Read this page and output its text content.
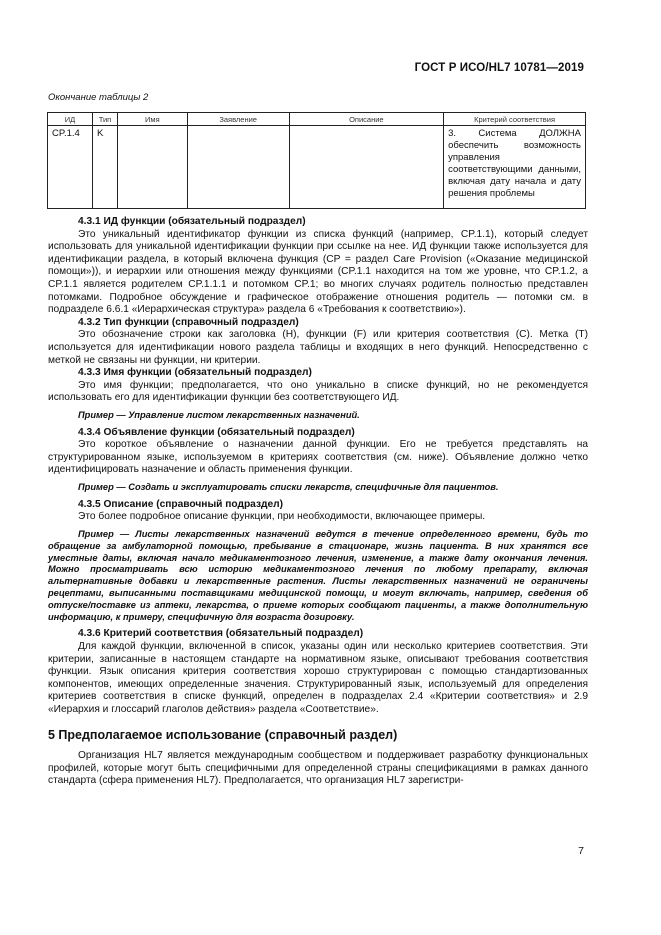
ГОСТ Р ИСО/HL7 10781—2019
Окончание таблицы 2
ИД	Тип	Имя	Заявление	Описание	Критерий соответствия
CP.1.4	K				3. Система ДОЛЖНА обеспечить возможность управления соответствующими данными, включая дату начала и дату решения проблемы

4.3.1 ИД функции (обязательный подраздел)

Это уникальный идентификатор функции из списка функций (например, CP.1.1), который следует использовать для уникальной идентификации функции при ссылке на нее. ИД функции также используется для идентификации раздела, в который включена функция (CP = раздел Care Provision («Оказание медицинской помощи»)), и иерархии или отношения между функциями (CP.1.1 находится на том же уровне, что CP.1.2, а CP.1.1 является родителем CP.1.1.1 и потомком CP.1; во многих случаях родитель полностью представлен потомками. Подробное обсуждение и графическое отображение отношения родитель — потомки см. в подразделе 6.6.1 «Иерархическая структура» раздела 6 «Требования к соответствию»).

4.3.2 Тип функции (справочный подраздел)

Это обозначение строки как заголовка (H), функции (F) или критерия соответствия (C). Метка (T) используется для идентификации нового раздела таблицы и входящих в него функций. Непосредственно с меткой не связаны ни функции, ни критерии.

4.3.3 Имя функции (обязательный подраздел)

Это имя функции; предполагается, что оно уникально в списке функций, но не рекомендуется использовать его для идентификации функции без соответствующего ИД.

Пример — Управление листом лекарственных назначений.

4.3.4 Объявление функции (обязательный подраздел)

Это короткое объявление о назначении данной функции. Его не требуется представлять на структурированном языке, используемом в критериях соответствия (см. ниже). Объявление должно четко идентифицировать назначение и область применения функции.

Пример — Создать и эксплуатировать списки лекарств, специфичные для пациентов.

4.3.5 Описание (справочный подраздел)

Это более подробное описание функции, при необходимости, включающее примеры.

Пример — Листы лекарственных назначений ведутся в течение определенного времени, будь то обращение за амбулаторной помощью, пребывание в стационаре, жизнь пациента. В них хранятся все уместные даты, включая начало медикаментозного лечения, изменение, а также дату окончания лечения. Можно просматривать всю историю медикаментозного лечения по любому препарату, включая альтернативные добавки и лекарственные растения. Листы лекарственных назначений не ограничены рецептами, выписанными поставщиками медицинской помощи, и могут включать, например, сведения об отпуске/поставке из аптеки, лекарства, о приеме которых сообщают пациенты, а также дополнительную информацию, к примеру, специфичную для возраста дозировку.

4.3.6 Критерий соответствия (обязательный подраздел)

Для каждой функции, включенной в список, указаны один или несколько критериев соответствия. Эти критерии, записанные в настоящем стандарте на нормативном языке, описывают требования соответствия функции. Язык описания критерия соответствия хорошо структурирован с помощью стандартизованных компонентов, имеющих определенные значения. Структурированный язык, используемый для определения критериев соответствия в списке функций, определен в подразделах 2.4 «Критерии соответствия» и 2.9 «Иерархия и глоссарий глаголов действия» раздела «Соответствие».

5 Предполагаемое использование (справочный раздел)

Организация HL7 является международным сообществом и поддерживает разработку функциональных профилей, которые могут быть специфичными для определенной страны спецификациями в рамках данного стандарта (сфера применения HL7). Предполагается, что организация HL7 зарегистри-

7
